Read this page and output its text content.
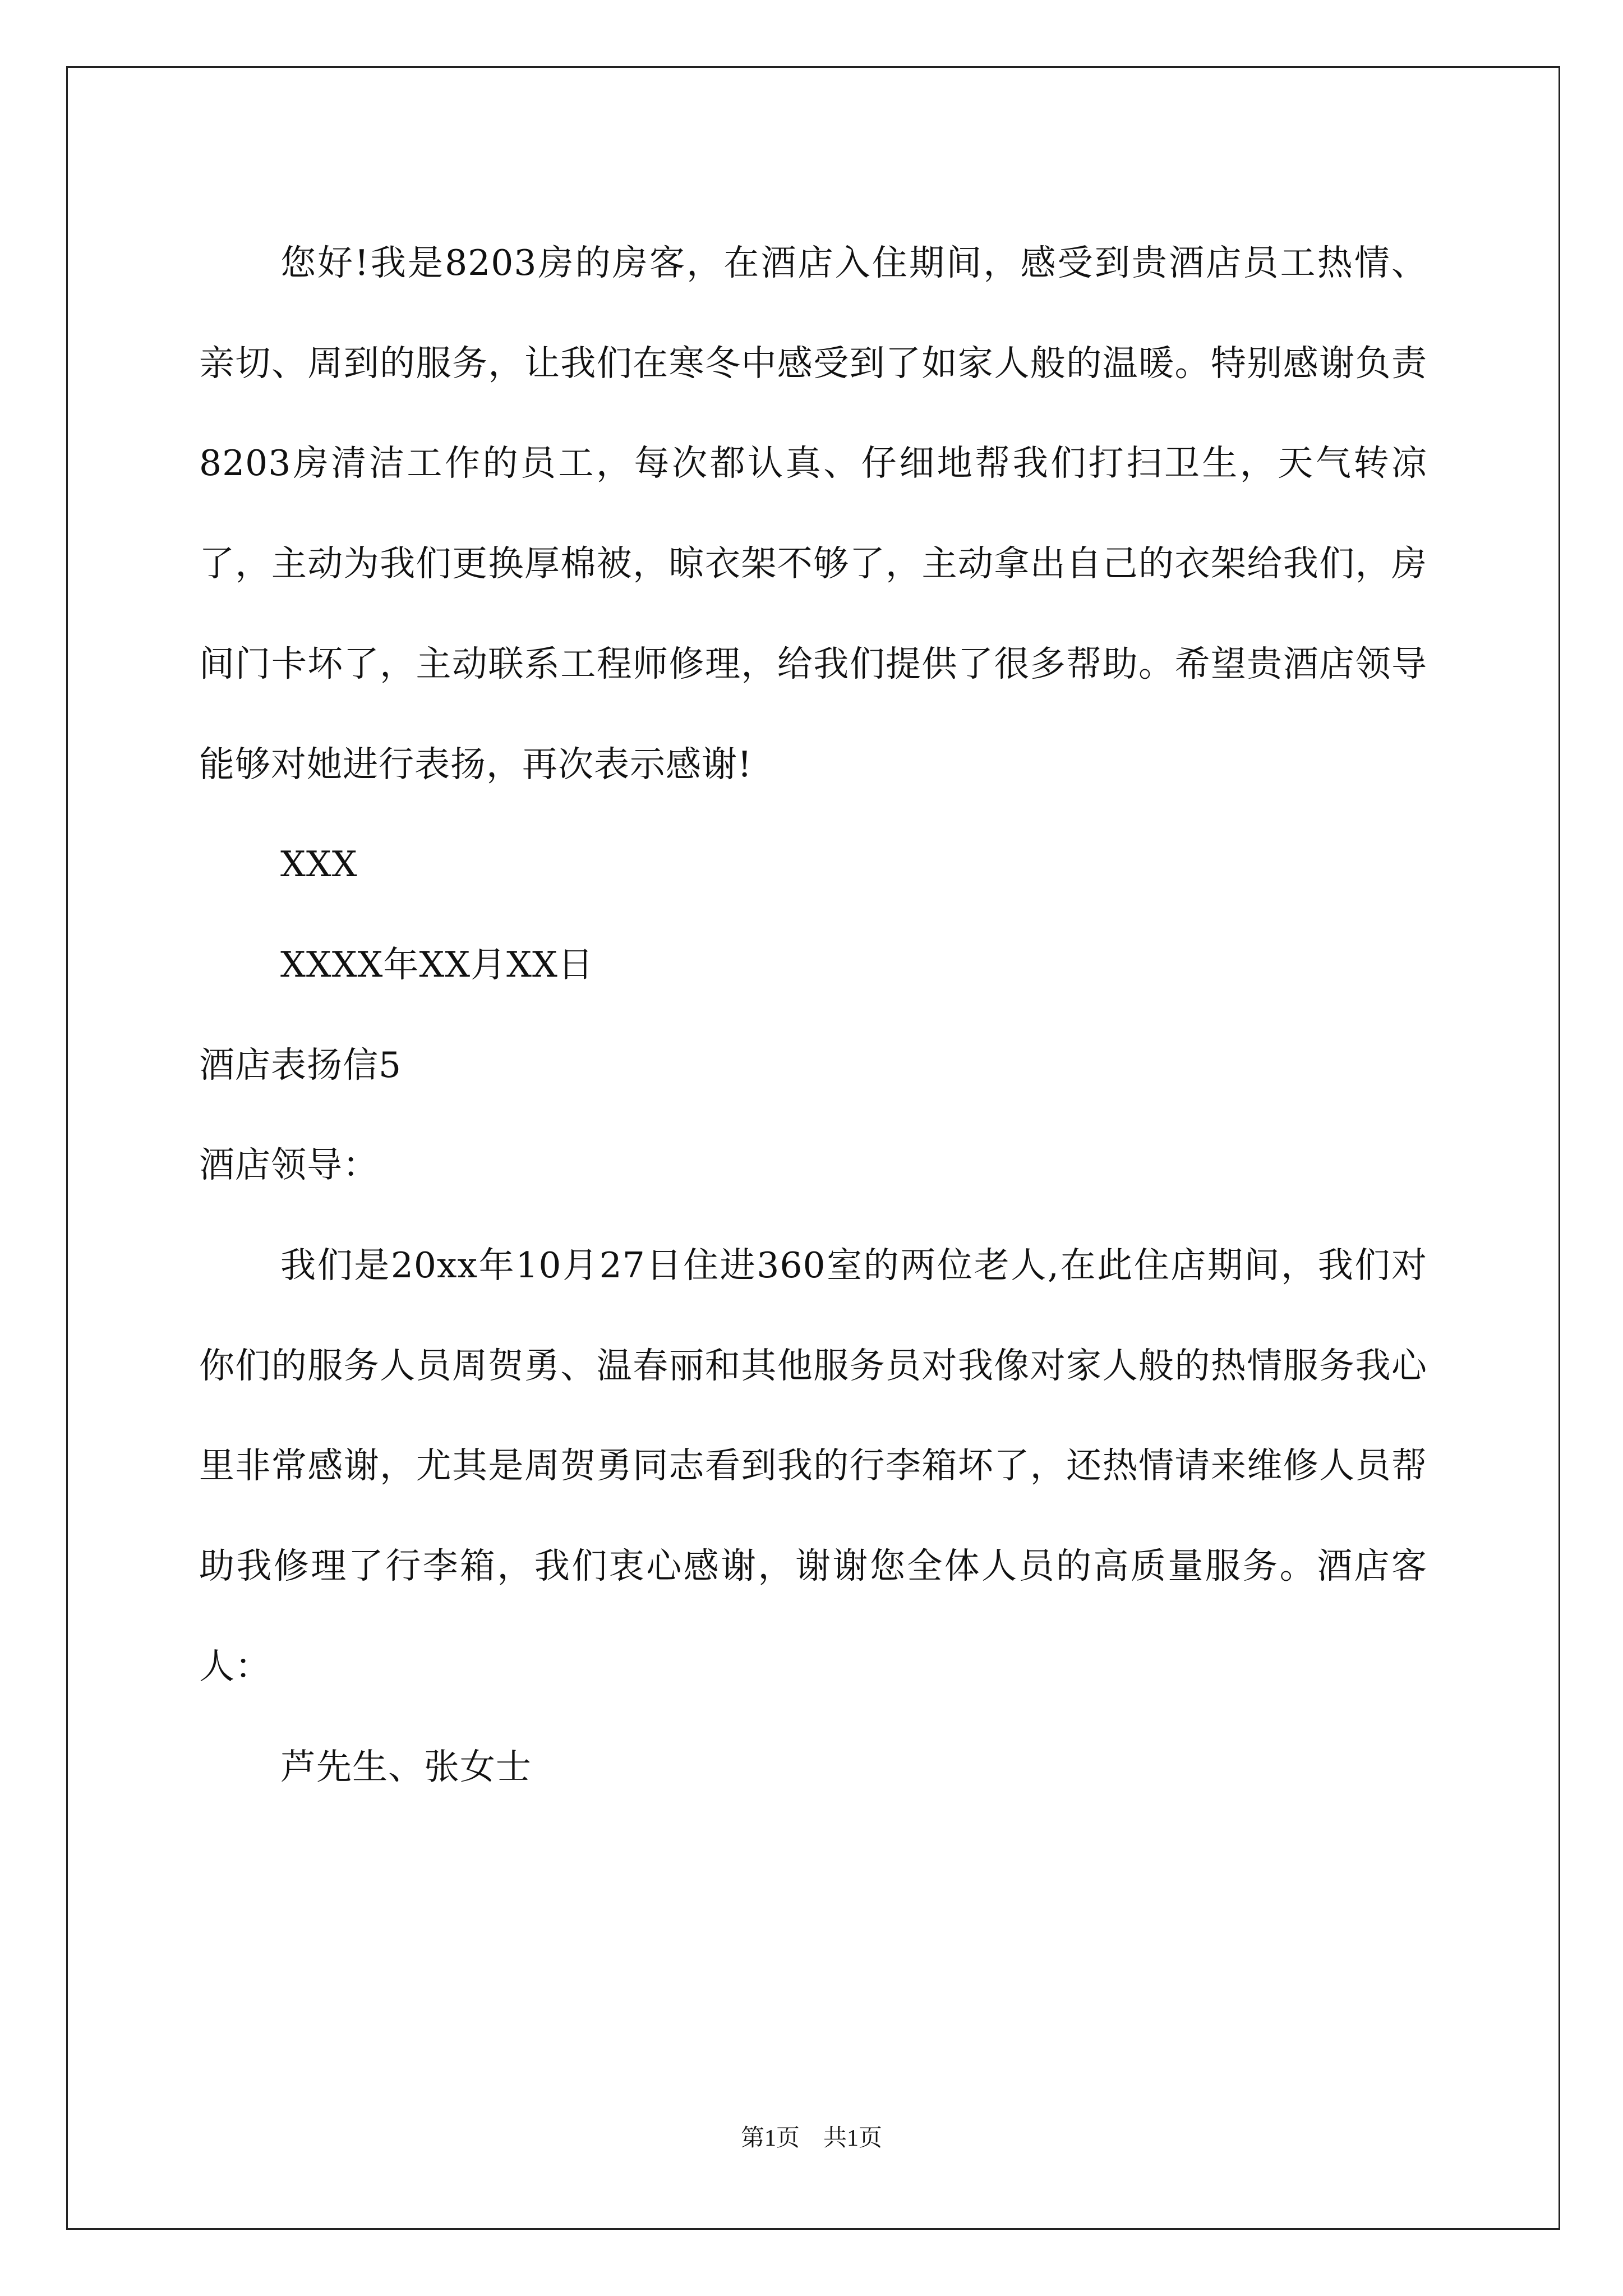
您好!我是8203房的房客，在酒店入住期间，感受到贵酒店员工热情、亲切、周到的服务，让我们在寒冬中感受到了如家人般的温暖。特别感谢负责8203房清洁工作的员工，每次都认真、仔细地帮我们打扫卫生，天气转凉了，主动为我们更换厚棉被，晾衣架不够了，主动拿出自己的衣架给我们，房间门卡坏了，主动联系工程师修理，给我们提供了很多帮助。希望贵酒店领导能够对她进行表扬，再次表示感谢!

XXX

XXXX年XX月XX日

酒店表扬信5

酒店领导：

我们是20xx年10月27日住进360室的两位老人,在此住店期间，我们对你们的服务人员周贺勇、温春丽和其他服务员对我像对家人般的热情服务我心里非常感谢，尤其是周贺勇同志看到我的行李箱坏了，还热情请来维修人员帮助我修理了行李箱，我们衷心感谢，谢谢您全体人员的高质量服务。酒店客人：

芦先生、张女士

第1页 共1页
